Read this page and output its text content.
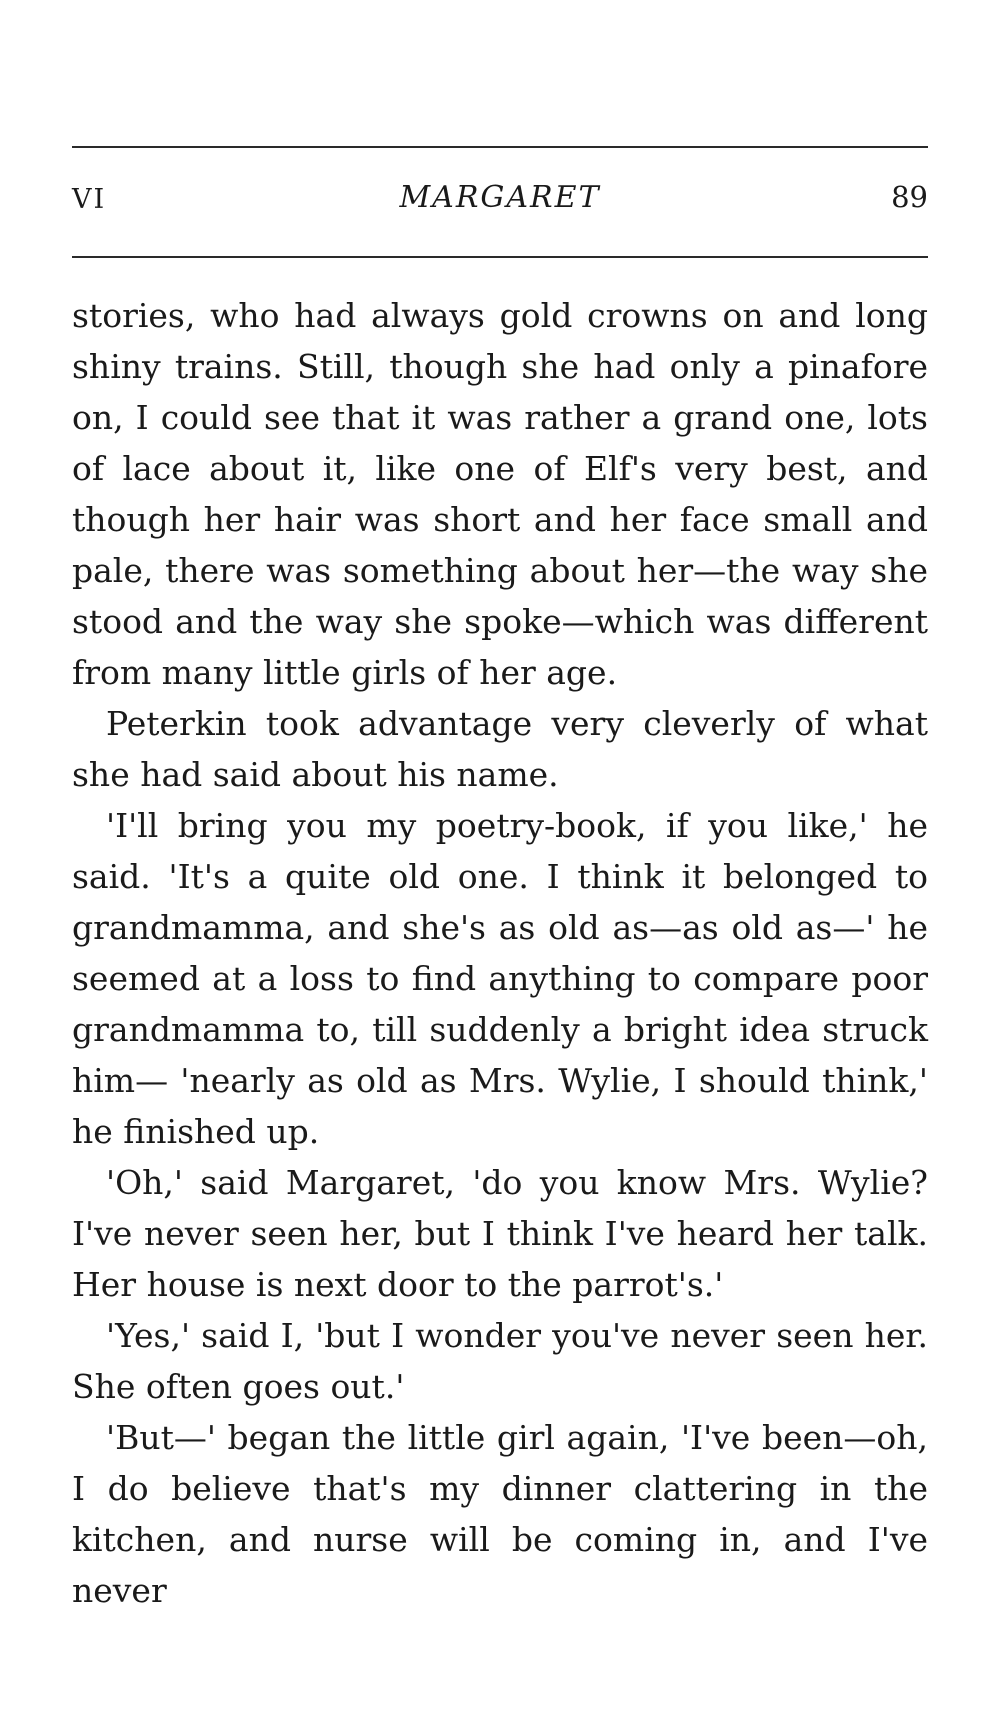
VI	MARGARET	89

stories, who had always gold crowns on and long shiny trains. Still, though she had only a pinafore on, I could see that it was rather a grand one, lots of lace about it, like one of Elf's very best, and though her hair was short and her face small and pale, there was something about her—the way she stood and the way she spoke—which was different from many little girls of her age.

Peterkin took advantage very cleverly of what she had said about his name.

'I'll bring you my poetry-book, if you like,' he said. 'It's a quite old one. I think it belonged to grandmamma, and she's as old as—as old as—' he seemed at a loss to find anything to compare poor grandmamma to, till suddenly a bright idea struck him— 'nearly as old as Mrs. Wylie, I should think,' he finished up.

'Oh,' said Margaret, 'do you know Mrs. Wylie? I've never seen her, but I think I've heard her talk. Her house is next door to the parrot's.'

'Yes,' said I, 'but I wonder you've never seen her. She often goes out.'

'But—' began the little girl again, 'I've been—oh, I do believe that's my dinner clattering in the kitchen, and nurse will be coming in, and I've never
